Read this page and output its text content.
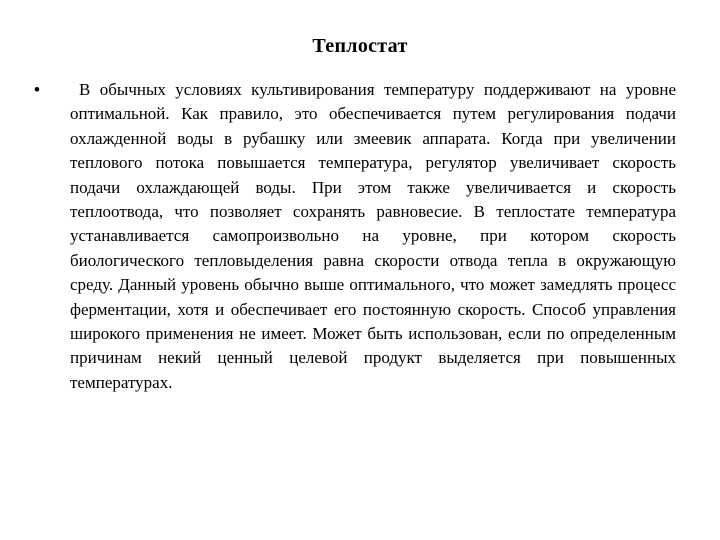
Теплостат
•	В обычных условиях культивирования температуру поддерживают на уровне оптимальной. Как правило, это обеспечивается путем регулирования подачи охлажденной воды в рубашку или змеевик аппарата. Когда при увеличении теплового потока повышается температура, регулятор увеличивает скорость подачи охлаждающей воды. При этом также увеличивается и скорость теплоотвода, что позволяет сохранять равновесие. В теплостате температура устанавливается самопроизвольно на уровне, при котором скорость биологического тепловыделения равна скорости отвода тепла в окружающую среду. Данный уровень обычно выше оптимального, что может замедлять процесс ферментации, хотя и обеспечивает его постоянную скорость. Способ управления широкого применения не имеет. Может быть использован, если по определенным причинам некий ценный целевой продукт выделяется при повышенных температурах.
